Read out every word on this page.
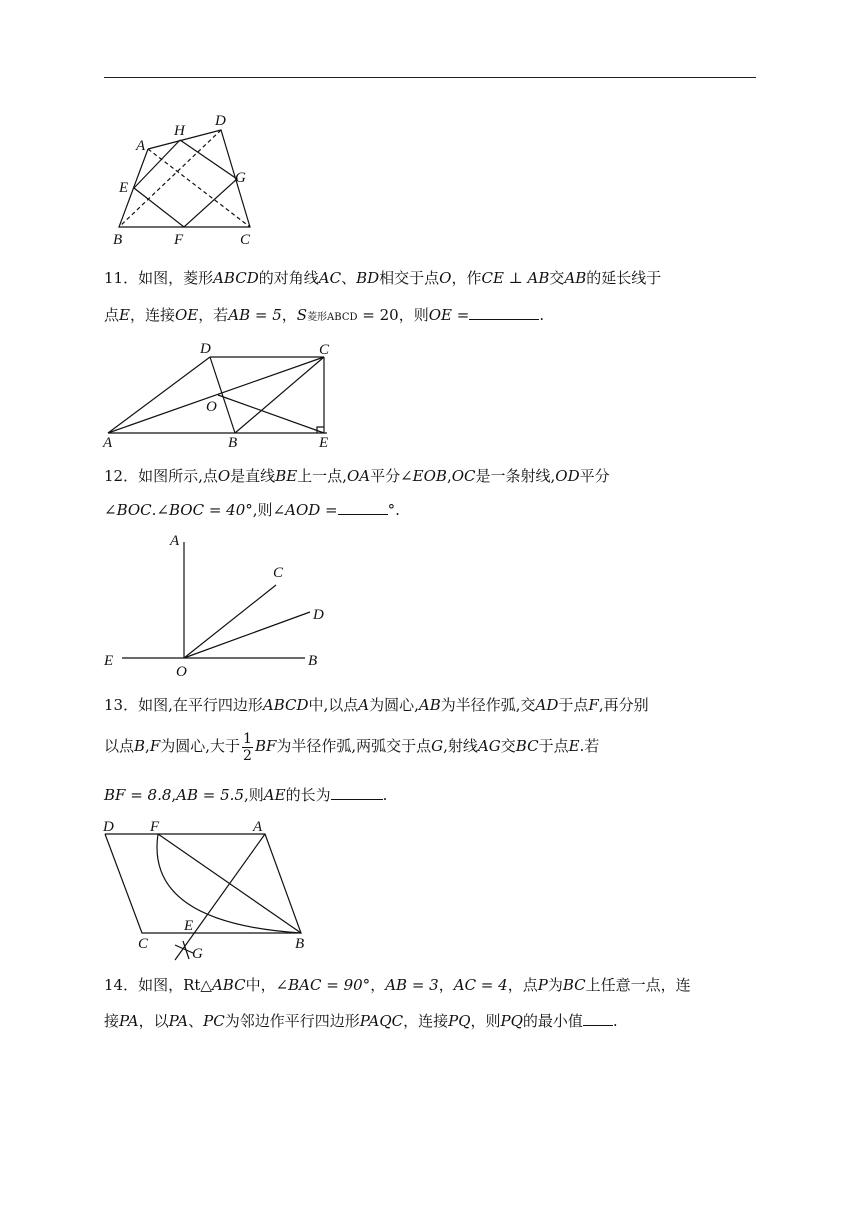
A
H
D
E
G
B	F	C
11．如图，菱形ABCD的对角线AC、BD相交于点O，作CE ⊥ AB交AB的延长线于
点E，连接OE，若AB = 5，S菱形ABCD = 20，则OE =	.
D	C
O
A	B	E
12．如图所示,点O是直线BE上一点,OA平分∠EOB,OC是一条射线,OD平分
∠BOC.∠BOC = 40°,则∠AOD =	°.
A
C
D
E
O
B
13．如图,在平行四边形ABCD中,以点A为圆心,AB为半径作弧,交AD于点F,再分别
以点B,F为圆心,大于 $\frac{1}{2}$ BF为半径作弧,两弧交于点G,射线AG交BC于点E.若
BF = 8.8,AB = 5.5,则AE的长为	.
D F	A
E
C
G
B
14．如图，Rt△ABC中，∠BAC = 90°，AB = 3，AC = 4，点P为BC上任意一点，连
接PA，以PA、PC为邻边作平行四边形PAQC，连接PQ，则PQ的最小值 .
